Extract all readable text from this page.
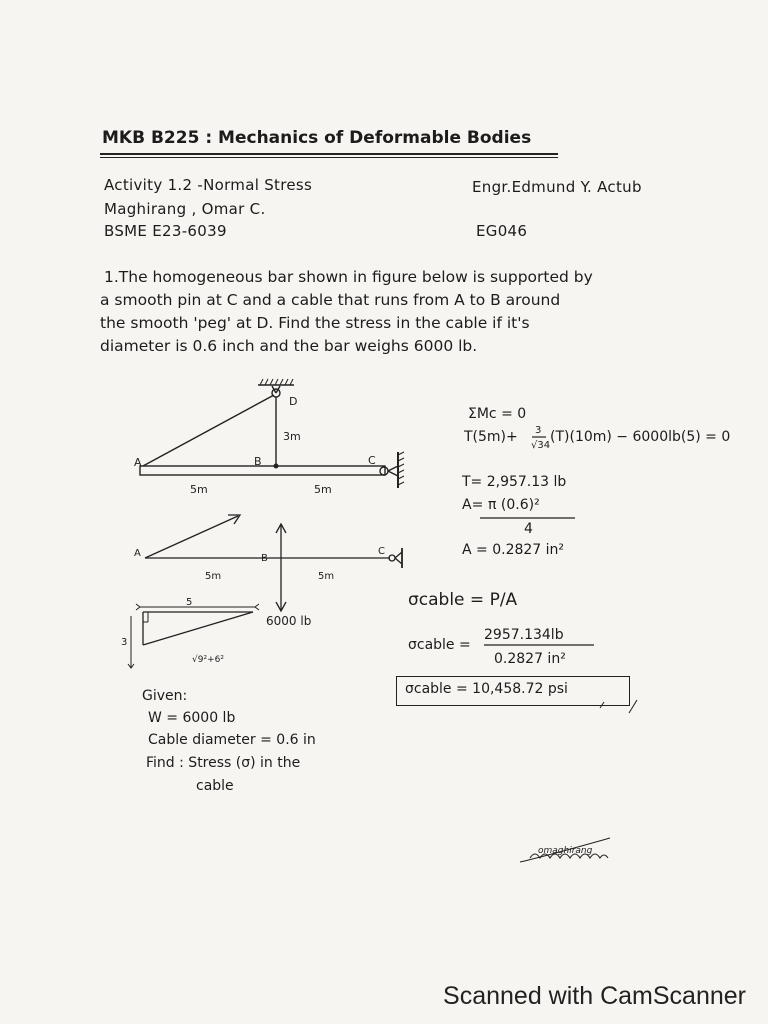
MKB B225 : Mechanics of Deformable Bodies
Activity 1.2 -Normal Stress
Maghirang , Omar C.
BSME E23-6039
Engr.Edmund Y. Actub
EG046
1.The homogeneous bar shown in figure below is supported by
a smooth pin at C and a cable that runs from A to B around
the smooth 'peg' at D. Find the stress in the cable if it's
diameter is 0.6 inch and the bar weighs 6000 lb.
A	B	C
D
3m
5m	5m
A	B
C
5m	5m
6000 lb
5
3
√9²+6²
ΣMc = 0
T(5m)+ 3
√34
(T)(10m) − 6000lb(5) = 0
T= 2,957.13 lb
A= π (0.6)²
4
A = 0.2827 in²
σcable = P/A
σcable =
2957.134lb
0.2827 in²
σcable = 10,458.72 psi
Given:
W = 6000 lb
Cable diameter = 0.6 in
Find : Stress (σ) in the
cable
omaghirang
Scanned with CamScanner
